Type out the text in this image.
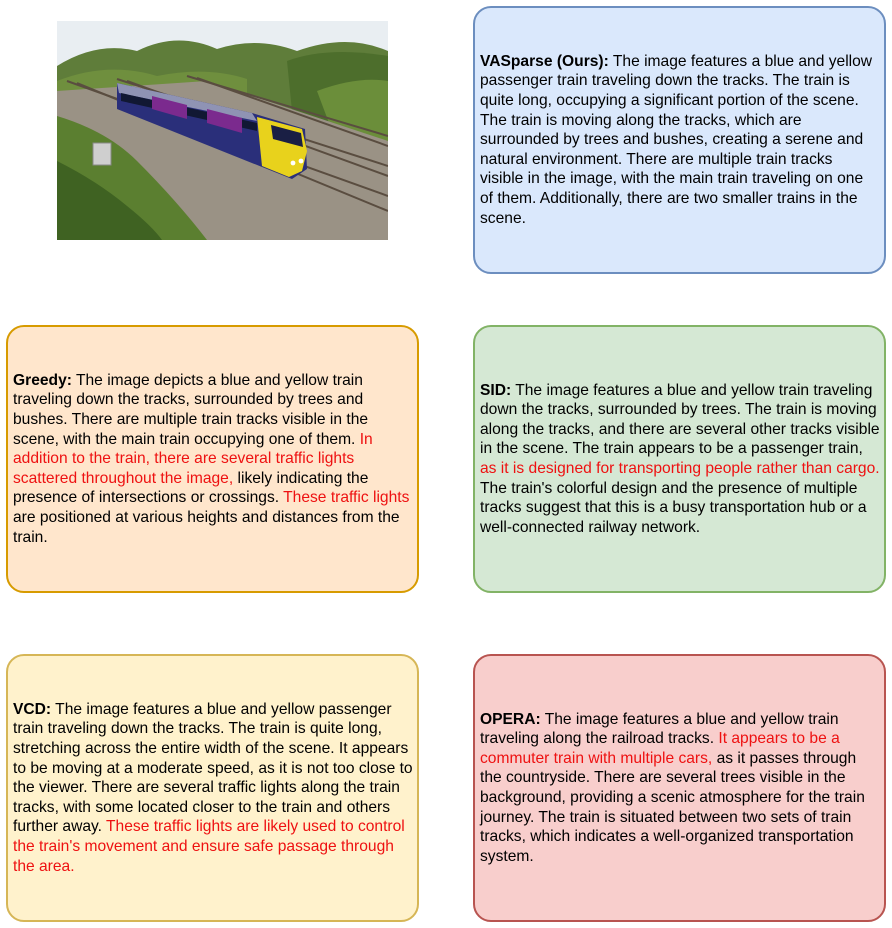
VASparse (Ours): The image features a blue and yellow passenger train traveling down the tracks. The train is quite long, occupying a significant portion of the scene. The train is moving along the tracks, which are surrounded by trees and bushes, creating a serene and natural environment. There are multiple train tracks visible in the image, with the main train traveling on one of them. Additionally, there are two smaller trains in the scene.

Greedy: The image depicts a blue and yellow train traveling down the tracks, surrounded by trees and bushes. There are multiple train tracks visible in the scene, with the main train occupying one of them. In addition to the train, there are several traffic lights scattered throughout the image, likely indicating the presence of intersections or crossings. These traffic lights are positioned at various heights and distances from the train.

SID: The image features a blue and yellow train traveling down the tracks, surrounded by trees. The train is moving along the tracks, and there are several other tracks visible in the scene. The train appears to be a passenger train, as it is designed for transporting people rather than cargo. The train's colorful design and the presence of multiple tracks suggest that this is a busy transportation hub or a well-connected railway network.

VCD: The image features a blue and yellow passenger train traveling down the tracks. The train is quite long, stretching across the entire width of the scene. It appears to be moving at a moderate speed, as it is not too close to the viewer. There are several traffic lights along the train tracks, with some located closer to the train and others further away. These traffic lights are likely used to control the train's movement and ensure safe passage through the area.

OPERA: The image features a blue and yellow train traveling along the railroad tracks. It appears to be a commuter train with multiple cars, as it passes through the countryside. There are several trees visible in the background, providing a scenic atmosphere for the train journey. The train is situated between two sets of train tracks, which indicates a well-organized transportation system.
